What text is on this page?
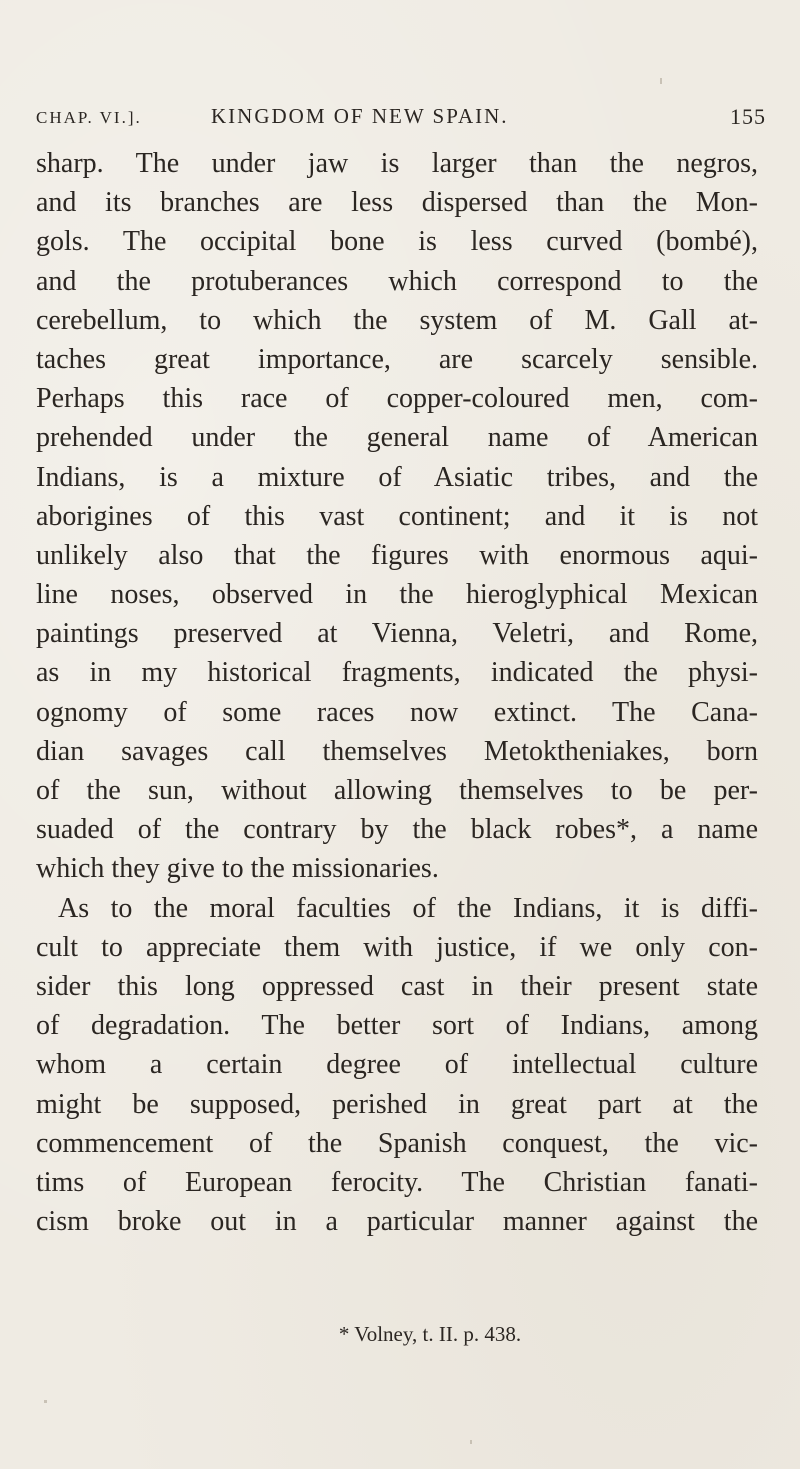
CHAP. VI.].	KINGDOM OF NEW SPAIN.	155
sharp. The under jaw is larger than the negros,
and its branches are less dispersed than the Mon-
gols. The occipital bone is less curved (bombé),
and the protuberances which correspond to the
cerebellum, to which the system of M. Gall at-
taches great importance, are scarcely sensible.
Perhaps this race of copper-coloured men, com-
prehended under the general name of American
Indians, is a mixture of Asiatic tribes, and the
aborigines of this vast continent; and it is not
unlikely also that the figures with enormous aqui-
line noses, observed in the hieroglyphical Mexican
paintings preserved at Vienna, Veletri, and Rome,
as in my historical fragments, indicated the physi-
ognomy of some races now extinct. The Cana-
dian savages call themselves Metoktheniakes, born
of the sun, without allowing themselves to be per-
suaded of the contrary by the black robes*, a name
which they give to the missionaries.
As to the moral faculties of the Indians, it is diffi-
cult to appreciate them with justice, if we only con-
sider this long oppressed cast in their present state
of degradation. The better sort of Indians, among
whom a certain degree of intellectual culture
might be supposed, perished in great part at the
commencement of the Spanish conquest, the vic-
tims of European ferocity. The Christian fanati-
cism broke out in a particular manner against the
* Volney, t. II. p. 438.
